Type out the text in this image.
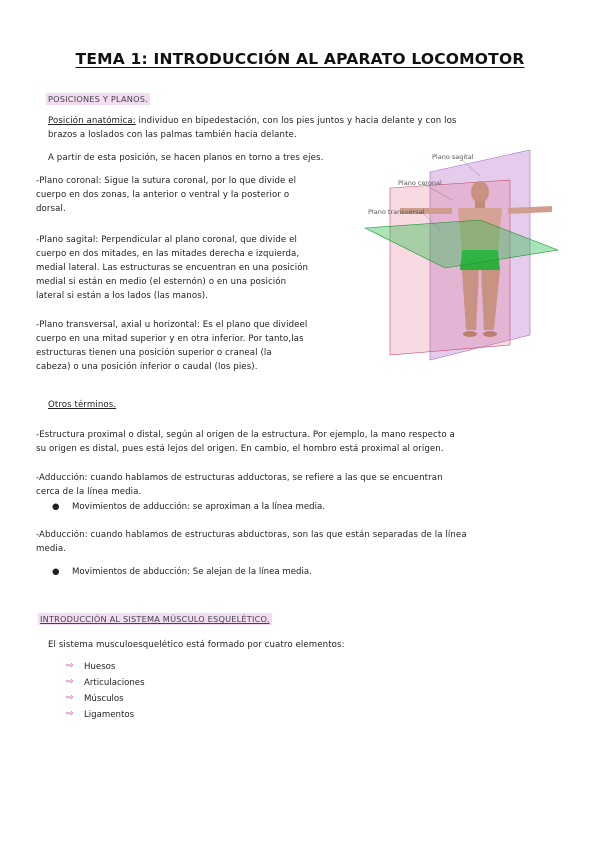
TEMA 1: INTRODUCCIÓN AL APARATO LOCOMOTOR
POSICIONES Y PLANOS.
Posición anatómica: individuo en bipedestación, con los pies juntos y hacia delante y con los
brazos a loslados con las palmas también hacia delante.
A partir de esta posición, se hacen planos en torno a tres ejes.
-Plano coronal: Sigue la sutura coronal, por lo que divide el
cuerpo en dos zonas, la anterior o ventral y la posterior o
dorsal.
-Plano sagital: Perpendicular al plano coronal, que divide el
cuerpo en dos mitades, en las mitades derecha e izquierda,
medial lateral. Las estructuras se encuentran en una posición
medial si están en medio (el esternón) o en una posición
lateral si están a los lados (las manos).
-Plano transversal, axial u horizontal: Es el plano que divideel
cuerpo en una mitad superior y en otra inferior. Por tanto,las
estructuras tienen una posición superior o craneal (la
cabeza) o una posición inferior o caudal (los pies).
Plano sagital
Plano coronal
Plano transversal
Otros términos.
-Estructura proximal o distal, según al origen de la estructura. Por ejemplo, la mano respecto a
su origen es distal, pues está lejos del origen. En cambio, el hombro está proximal al origen.
-Adducción: cuando hablamos de estructuras adductoras, se refiere a las que se encuentran
cerca de la línea media.
● Movimientos de adducción: se aproximan a la línea media.
-Abducción: cuando hablamos de estructuras abductoras, son las que están separadas de la línea
media.
● Movimientos de abducción: Se alejan de la línea media.
INTRODUCCIÓN AL SISTEMA MÚSCULO ESQUELÉTICO.
El sistema musculoesquelético está formado por cuatro elementos:
⇨ Huesos
⇨ Articulaciones
⇨ Músculos
⇨ Ligamentos
